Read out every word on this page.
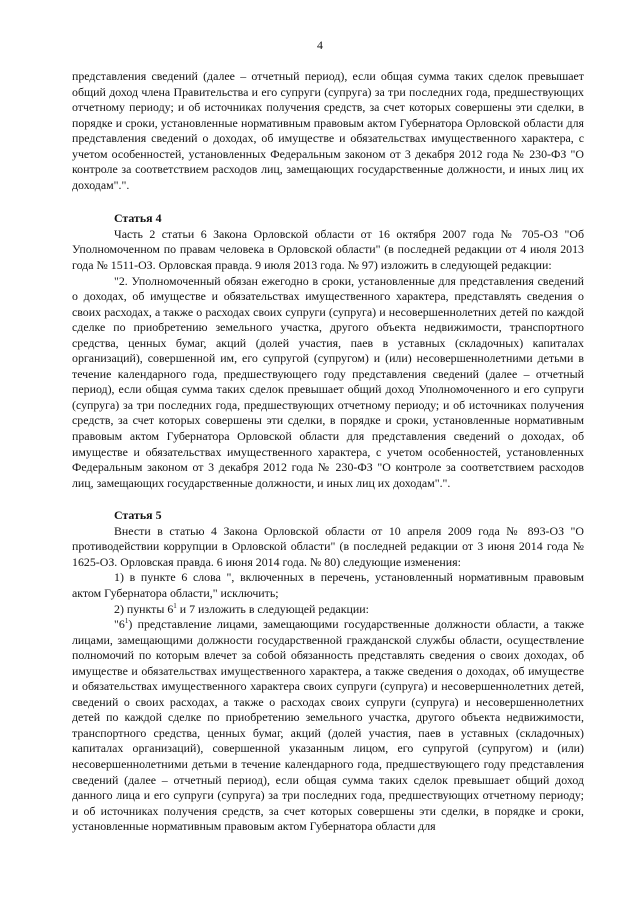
4

представления сведений (далее – отчетный период), если общая сумма таких сделок превышает общий доход члена Правительства и его супруги (супруга) за три последних года, предшествующих отчетному периоду; и об источниках получения средств, за счет которых совершены эти сделки, в порядке и сроки, установленные нормативным правовым актом Губернатора Орловской области для представления сведений о доходах, об имуществе и обязательствах имущественного характера, с учетом особенностей, установленных Федеральным законом от 3 декабря 2012 года № 230-ФЗ "О контроле за соответствием расходов лиц, замещающих государственные должности, и иных лиц их доходам".".

Статья 4

Часть 2 статьи 6 Закона Орловской области от 16 октября 2007 года № 705-ОЗ "Об Уполномоченном по правам человека в Орловской области" (в последней редакции от 4 июля 2013 года № 1511-ОЗ. Орловская правда. 9 июля 2013 года. № 97) изложить в следующей редакции:

"2. Уполномоченный обязан ежегодно в сроки, установленные для представления сведений о доходах, об имуществе и обязательствах имущественного характера, представлять сведения о своих расходах, а также о расходах своих супруги (супруга) и несовершеннолетних детей по каждой сделке по приобретению земельного участка, другого объекта недвижимости, транспортного средства, ценных бумаг, акций (долей участия, паев в уставных (складочных) капиталах организаций), совершенной им, его супругой (супругом) и (или) несовершеннолетними детьми в течение календарного года, предшествующего году представления сведений (далее – отчетный период), если общая сумма таких сделок превышает общий доход Уполномоченного и его супруги (супруга) за три последних года, предшествующих отчетному периоду; и об источниках получения средств, за счет которых совершены эти сделки, в порядке и сроки, установленные нормативным правовым актом Губернатора Орловской области для представления сведений о доходах, об имуществе и обязательствах имущественного характера, с учетом особенностей, установленных Федеральным законом от 3 декабря 2012 года № 230-ФЗ "О контроле за соответствием расходов лиц, замещающих государственные должности, и иных лиц их доходам".".

Статья 5

Внести в статью 4 Закона Орловской области от 10 апреля 2009 года № 893-ОЗ "О противодействии коррупции в Орловской области" (в последней редакции от 3 июня 2014 года № 1625-ОЗ. Орловская правда. 6 июня 2014 года. № 80) следующие изменения:

1) в пункте 6 слова ", включенных в перечень, установленный нормативным правовым актом Губернатора области," исключить;

2) пункты $6^1$ и 7 изложить в следующей редакции:

"$6^1$) представление лицами, замещающими государственные должности области, а также лицами, замещающими должности государственной гражданской службы области, осуществление полномочий по которым влечет за собой обязанность представлять сведения о своих доходах, об имуществе и обязательствах имущественного характера, а также сведения о доходах, об имуществе и обязательствах имущественного характера своих супруги (супруга) и несовершеннолетних детей, сведений о своих расходах, а также о расходах своих супруги (супруга) и несовершеннолетних детей по каждой сделке по приобретению земельного участка, другого объекта недвижимости, транспортного средства, ценных бумаг, акций (долей участия, паев в уставных (складочных) капиталах организаций), совершенной указанным лицом, его супругой (супругом) и (или) несовершеннолетними детьми в течение календарного года, предшествующего году представления сведений (далее – отчетный период), если общая сумма таких сделок превышает общий доход данного лица и его супруги (супруга) за три последних года, предшествующих отчетному периоду; и об источниках получения средств, за счет которых совершены эти сделки, в порядке и сроки, установленные нормативным правовым актом Губернатора области для
